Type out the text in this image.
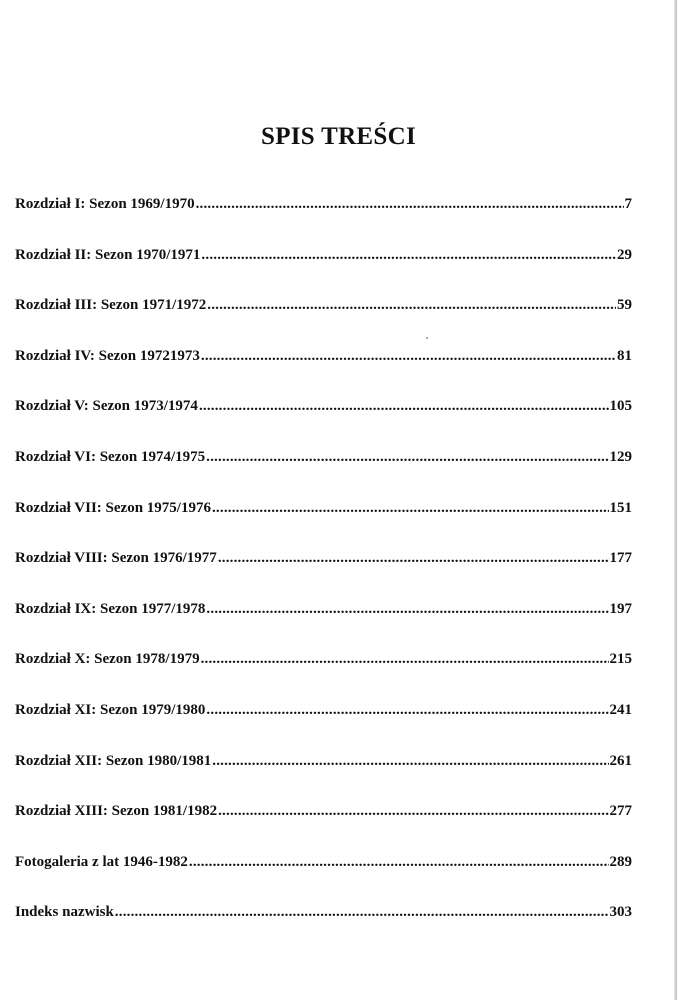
SPIS TREŚCI
Rozdział I: Sezon 1969/1970 .....	7
Rozdział II: Sezon 1970/1971 .....	29
Rozdział III: Sezon 1971/1972 .....	59
Rozdział IV: Sezon 19721973 .....	81
Rozdział V: Sezon 1973/1974 .....	105
Rozdział VI: Sezon 1974/1975 .....	129
Rozdział VII: Sezon 1975/1976 .....	151
Rozdział VIII: Sezon 1976/1977 .....	177
Rozdział IX: Sezon 1977/1978 .....	197
Rozdział X: Sezon 1978/1979 .....	215
Rozdział XI: Sezon 1979/1980 .....	241
Rozdział XII: Sezon 1980/1981 .....	261
Rozdział XIII: Sezon 1981/1982 .....	277
Fotogaleria z lat 1946-1982 .....	289
Indeks nazwisk .....	303
